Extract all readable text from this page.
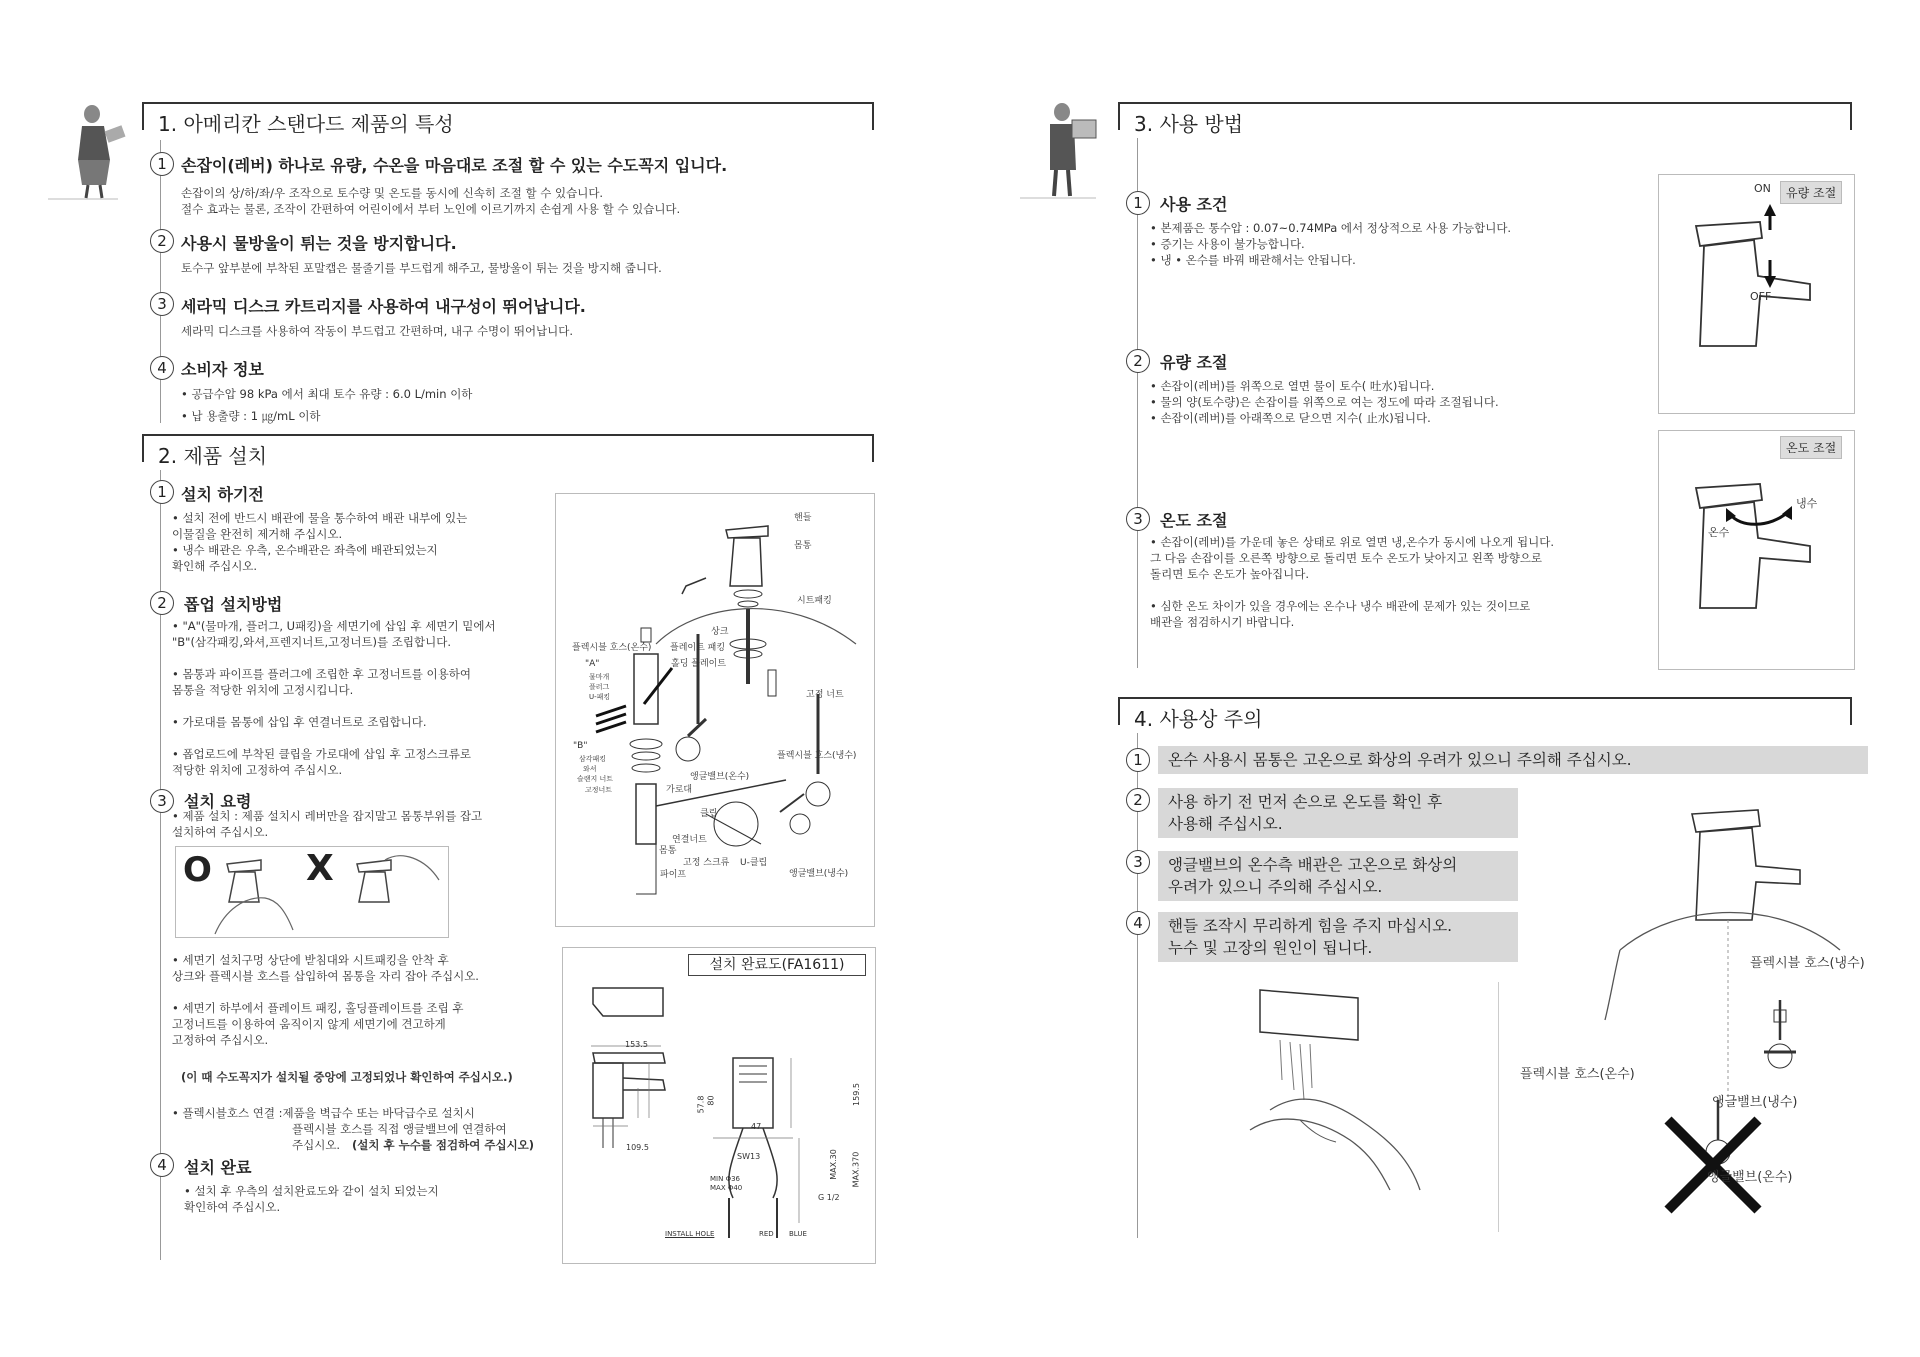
1. 아메리칸 스탠다드 제품의 특성
1 손잡이(레버) 하나로 유량, 수온을 마음대로 조절 할 수 있는 수도꼭지 입니다.
손잡이의 상/하/좌/우 조작으로 토수량 및 온도를 동시에 신속히 조절 할 수 있습니다.
절수 효과는 물론, 조작이 간편하여 어린이에서 부터 노인에 이르기까지 손쉽게 사용 할 수 있습니다.
2 사용시 물방울이 튀는 것을 방지합니다.
토수구 앞부분에 부착된 포말캡은 물줄기를 부드럽게 해주고, 물방울이 튀는 것을 방지해 줍니다.
3 세라믹 디스크 카트리지를 사용하여 내구성이 뛰어납니다.
세라믹 디스크를 사용하여 작동이 부드럽고 간편하며, 내구 수명이 뛰어납니다.
4 소비자 정보
• 공급수압 98 kPa 에서 최대 토수 유량 : 6.0 L/min 이하
• 납 용출량 : 1 ㎍/mL 이하
2. 제품 설치
1 설치 하기전
• 설치 전에 반드시 배관에 물을 통수하여 배관 내부에 있는
이물질을 완전히 제거해 주십시오.
• 냉수 배관은 우측, 온수배관은 좌측에 배관되었는지
확인해 주십시오.
2	폽업 설치방법
• "A"(물마개, 플러그, U패킹)을 세면기에 삽입 후 세면기 밑에서
"B"(삼각패킹,와셔,프렌지너트,고정너트)를 조립합니다.

• 몸통과 파이프를 플러그에 조립한 후 고정너트를 이용하여
몸통을 적당한 위치에 고정시킵니다.

• 가로대를 몸통에 삽입 후 연결너트로 조립합니다.

• 폽업로드에 부착된 클립을 가로대에 삽입 후 고정스크류로
적당한 위치에 고정하여 주십시오.
3	설치 요령
• 제품 설치 : 제품 설치시 레버만을 잡지말고 몸통부위를 잡고
설치하여 주십시오.
O	X
• 세면기 설치구멍 상단에 받침대와 시트패킹을 안착 후
상크와 플렉시블 호스를 삽입하여 몸통을 자리 잡아 주십시오.

• 세면기 하부에서 플레이트 패킹, 홀딩플레이트를 조립 후
고정너트를 이용하여 움직이지 않게 세면기에 견고하게
고정하여 주십시오.
(이 때 수도꼭지가 설치될 중앙에 고정되었나 확인하여 주십시오.)
• 플렉시블호스 연결 :제품을 벽급수 또는 바닥급수로 설치시
플렉시블 호스를 직접 앵글밸브에 연결하여
주십시오. (설치 후 누수를 점검하여 주십시오)
4	설치 완료
• 설치 후 우측의 설치완료도와 같이 설치 되었는지
확인하여 주십시오.
핸들
몸통
시트패킹
상크
플렉시블 호스(온수) 플레이트 패킹
홀딩 플레이트
"A"
물마개
플러그
U-패킹	고정 너트
"B"
삼각패킹
와셔
슬랜지 너트
고정너트
플렉시블 호스(냉수)
앵글밸브(온수)
가로대
클립
연결너트
몸통
고정 스크류 U-클립
파이프	앵글밸브(냉수)
설치 완료도(FA1611)
153.5
57.8 80
109.5
159.5
47
SW13	MAX.30 MAX.370
G 1/2
MIN Φ36
MAX Φ40
INSTALL HOLE	RED BLUE
3. 사용 방법
1	사용 조건
• 본제품은 통수압 : 0.07~0.74MPa 에서 정상적으로 사용 가능합니다.
• 증기는 사용이 불가능합니다.
• 냉 • 온수를 바꿔 배관해서는 안됩니다.
2	유량 조절
• 손잡이(레버)를 위쪽으로 열면 물이 토수( 吐水)됩니다.
• 물의 양(토수량)은 손잡이를 위쪽으로 여는 정도에 따라 조절됩니다.
• 손잡이(레버)를 아래쪽으로 닫으면 지수( 止水)됩니다.
3	온도 조절
• 손잡이(레버)를 가운데 놓은 상태로 위로 열면 냉,온수가 동시에 나오게 됩니다.
그 다음 손잡이를 오른쪽 방향으로 돌리면 토수 온도가 낮아지고 왼쪽 방향으로
돌리면 토수 온도가 높아집니다.

• 심한 온도 차이가 있을 경우에는 온수나 냉수 배관에 문제가 있는 것이므로
배관을 점검하시기 바랍니다.
유량 조절
ON
OFF
온도 조절
냉수
온수
4. 사용상 주의
1	온수 사용시 몸통은 고온으로 화상의 우려가 있으니 주의해 주십시오.
2	사용 하기 전 먼저 손으로 온도를 확인 후
사용해 주십시오.
3	앵글밸브의 온수측 배관은 고온으로 화상의
우려가 있으니 주의해 주십시오.
4	핸들 조작시 무리하게 힘을 주지 마십시오.
누수 및 고장의 원인이 됩니다.
플렉시블 호스(냉수)
플렉시블 호스(온수)
앵글밸브(냉수)
앵글밸브(온수)
